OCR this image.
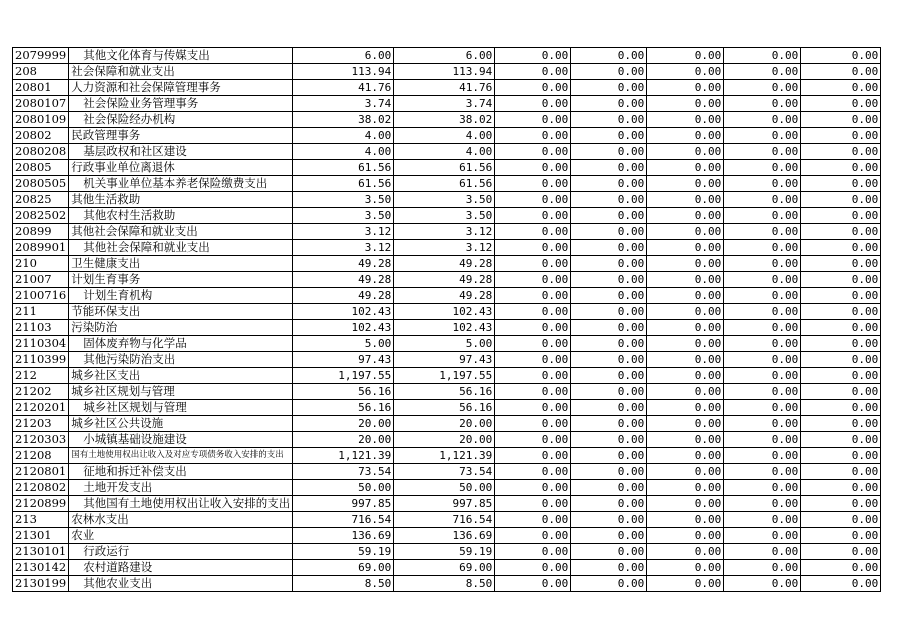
2079999	其他文化体育与传媒支出	6.00	6.00	0.00	0.00	0.00	0.00	0.00
208	社会保障和就业支出	113.94	113.94	0.00	0.00	0.00	0.00	0.00
20801	人力资源和社会保障管理事务	41.76	41.76	0.00	0.00	0.00	0.00	0.00
2080107	社会保险业务管理事务	3.74	3.74	0.00	0.00	0.00	0.00	0.00
2080109	社会保险经办机构	38.02	38.02	0.00	0.00	0.00	0.00	0.00
20802	民政管理事务	4.00	4.00	0.00	0.00	0.00	0.00	0.00
2080208	基层政权和社区建设	4.00	4.00	0.00	0.00	0.00	0.00	0.00
20805	行政事业单位离退休	61.56	61.56	0.00	0.00	0.00	0.00	0.00
2080505	机关事业单位基本养老保险缴费支出	61.56	61.56	0.00	0.00	0.00	0.00	0.00
20825	其他生活救助	3.50	3.50	0.00	0.00	0.00	0.00	0.00
2082502	其他农村生活救助	3.50	3.50	0.00	0.00	0.00	0.00	0.00
20899	其他社会保障和就业支出	3.12	3.12	0.00	0.00	0.00	0.00	0.00
2089901	其他社会保障和就业支出	3.12	3.12	0.00	0.00	0.00	0.00	0.00
210	卫生健康支出	49.28	49.28	0.00	0.00	0.00	0.00	0.00
21007	计划生育事务	49.28	49.28	0.00	0.00	0.00	0.00	0.00
2100716	计划生育机构	49.28	49.28	0.00	0.00	0.00	0.00	0.00
211	节能环保支出	102.43	102.43	0.00	0.00	0.00	0.00	0.00
21103	污染防治	102.43	102.43	0.00	0.00	0.00	0.00	0.00
2110304	固体废弃物与化学品	5.00	5.00	0.00	0.00	0.00	0.00	0.00
2110399	其他污染防治支出	97.43	97.43	0.00	0.00	0.00	0.00	0.00
212	城乡社区支出	1,197.55	1,197.55	0.00	0.00	0.00	0.00	0.00
21202	城乡社区规划与管理	56.16	56.16	0.00	0.00	0.00	0.00	0.00
2120201	城乡社区规划与管理	56.16	56.16	0.00	0.00	0.00	0.00	0.00
21203	城乡社区公共设施	20.00	20.00	0.00	0.00	0.00	0.00	0.00
2120303	小城镇基础设施建设	20.00	20.00	0.00	0.00	0.00	0.00	0.00
21208	国有土地使用权出让收入及对应专项债务收入安排的支出	1,121.39	1,121.39	0.00	0.00	0.00	0.00	0.00
2120801	征地和拆迁补偿支出	73.54	73.54	0.00	0.00	0.00	0.00	0.00
2120802	土地开发支出	50.00	50.00	0.00	0.00	0.00	0.00	0.00
2120899	其他国有土地使用权出让收入安排的支出	997.85	997.85	0.00	0.00	0.00	0.00	0.00
213	农林水支出	716.54	716.54	0.00	0.00	0.00	0.00	0.00
21301	农业	136.69	136.69	0.00	0.00	0.00	0.00	0.00
2130101	行政运行	59.19	59.19	0.00	0.00	0.00	0.00	0.00
2130142	农村道路建设	69.00	69.00	0.00	0.00	0.00	0.00	0.00
2130199	其他农业支出	8.50	8.50	0.00	0.00	0.00	0.00	0.00
